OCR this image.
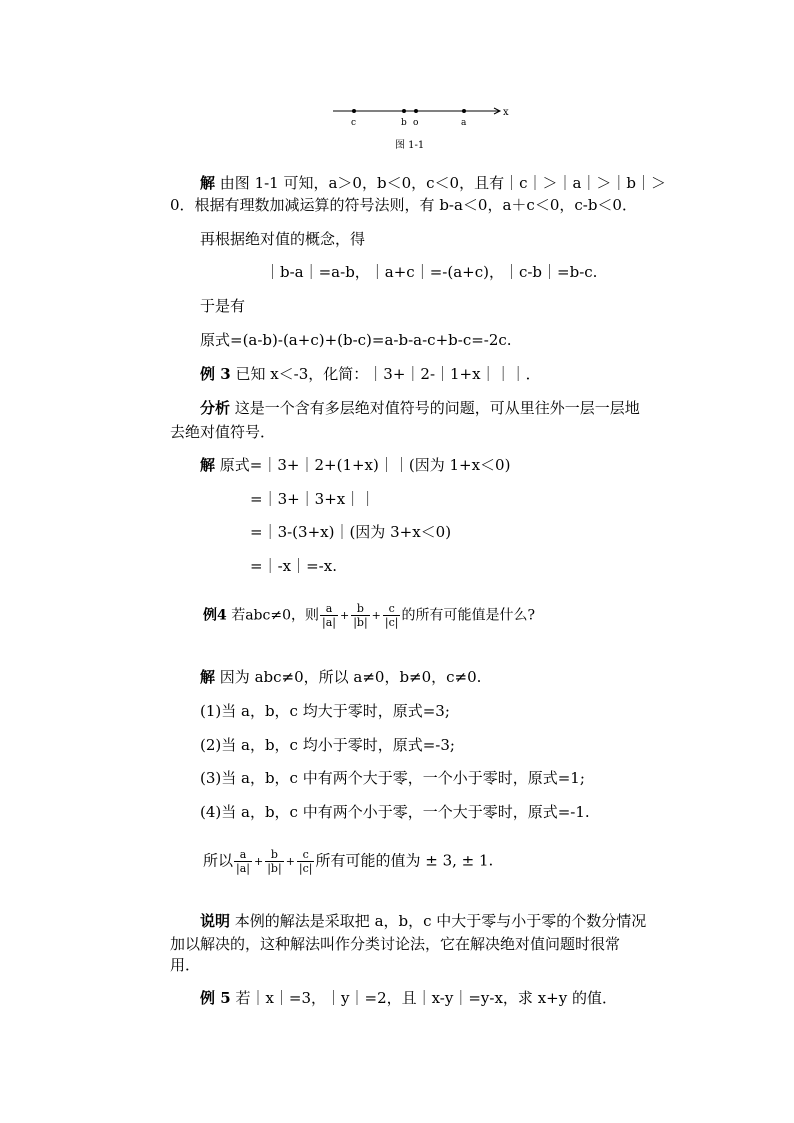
x
c	b o	a
图 1-1
解 由图 1-1 可知，a＞0，b＜0，c＜0，且有｜c｜＞｜a｜＞｜b｜＞
0．根据有理数加减运算的符号法则，有 b-a＜0，a＋c＜0，c-b＜0．
再根据绝对值的概念，得
｜b-a｜=a-b，｜a+c｜=-(a+c)，｜c-b｜=b-c.
于是有
原式=(a-b)-(a+c)+(b-c)=a-b-a-c+b-c=-2c.
例 3 已知 x＜-3，化简：｜3+｜2-｜1+x｜｜｜．
分析 这是一个含有多层绝对值符号的问题，可从里往外一层一层地
去绝对值符号．
解 原式=｜3+｜2+(1+x)｜｜(因为 1+x＜0)
=｜3+｜3+x｜｜
=｜3-(3+x)｜(因为 3+x＜0)
=｜-x｜=-x.
例4 若abc≠0，则 $\frac{a}{|a|} + \frac{b}{|b|} + \frac{c}{|c|}$ 的所有可能值是什么?
解 因为 abc≠0，所以 a≠0，b≠0，c≠0.
(1)当 a，b，c 均大于零时，原式=3;
(2)当 a，b，c 均小于零时，原式=-3;
(3)当 a，b，c 中有两个大于零，一个小于零时，原式=1;
(4)当 a，b，c 中有两个小于零，一个大于零时，原式=-1.
所以 $\frac{a}{|a|} + \frac{b}{|b|} + \frac{c}{|c|}$ 所有可能的值为 ± 3, ± 1.
说明 本例的解法是采取把 a，b，c 中大于零与小于零的个数分情况
加以解决的，这种解法叫作分类讨论法，它在解决绝对值问题时很常
用．
例 5 若｜x｜=3，｜y｜=2，且｜x-y｜=y-x，求 x+y 的值．
